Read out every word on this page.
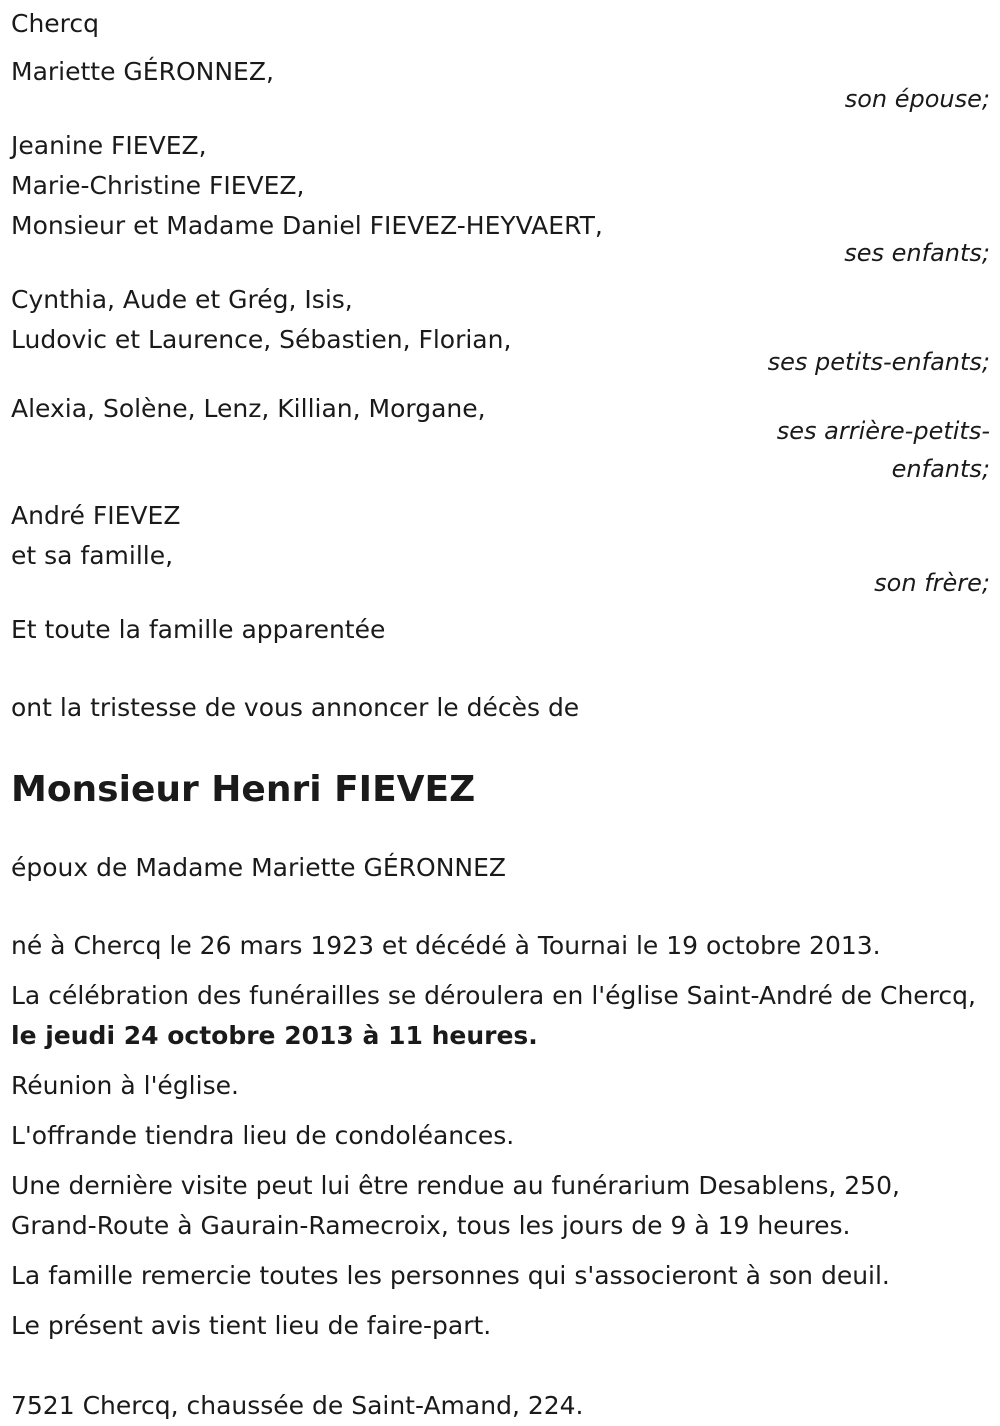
Chercq
Mariette GÉRONNEZ,
son épouse;
Jeanine FIEVEZ,
Marie-Christine FIEVEZ,
Monsieur et Madame Daniel FIEVEZ-HEYVAERT,
ses enfants;
Cynthia, Aude et Grég, Isis,
Ludovic et Laurence, Sébastien, Florian,
ses petits-enfants;
Alexia, Solène, Lenz, Killian, Morgane,
ses arrière-petits-
enfants;
André FIEVEZ
et sa famille,
son frère;
Et toute la famille apparentée
ont la tristesse de vous annoncer le décès de
Monsieur Henri FIEVEZ
époux de Madame Mariette GÉRONNEZ

né à Chercq le 26 mars 1923 et décédé à Tournai le 19 octobre 2013.

La célébration des funérailles se déroulera en l'église Saint-André de Chercq, le jeudi 24 octobre 2013 à 11 heures.

Réunion à l'église.

L'offrande tiendra lieu de condoléances.

Une dernière visite peut lui être rendue au funérarium Desablens, 250, Grand-Route à Gaurain-Ramecroix, tous les jours de 9 à 19 heures.

La famille remercie toutes les personnes qui s'associeront à son deuil.

Le présent avis tient lieu de faire-part.

7521 Chercq, chaussée de Saint-Amand, 224.
